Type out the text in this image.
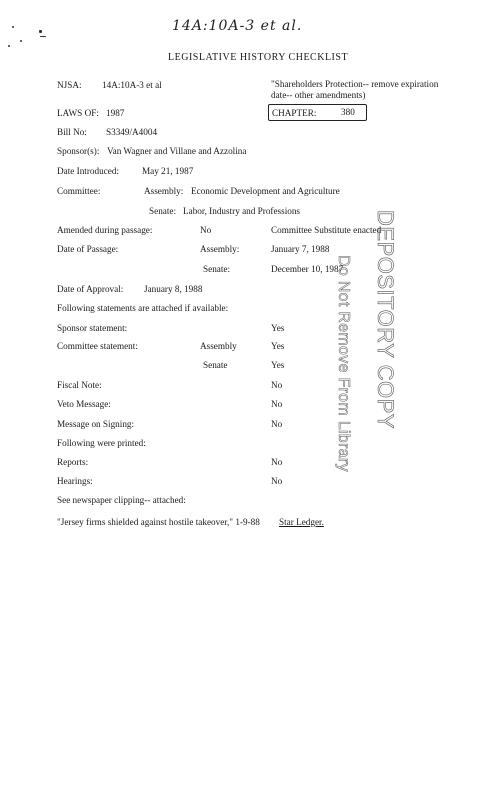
14A:10A-3 et al.
LEGISLATIVE HISTORY CHECKLIST
NJSA: 14A:10A-3 et al	"Shareholders Protection-- remove expiration date-- other amendments)
LAWS OF: 1987	CHAPTER:	380
Bill No: S3349/A4004
Sponsor(s): Van Wagner and Villane and Azzolina
Date Introduced:	May 21, 1987
Committee:	Assembly: Economic Development and Agriculture
Senate: Labor, Industry and Professions
Amended during passage:	No	Committee Substitute enacted
Date of Passage:	Assembly:	January 7, 1988
Senate:	December 10, 1987
Date of Approval: January 8, 1988
Following statements are attached if available:
Sponsor statement:	Yes
Committee statement:	Assembly	Yes
Senate	Yes
Fiscal Note:	No
Veto Message:	No
Message on Signing:	No
Following were printed:
Reports:	No
Hearings:	No
See newspaper clipping-- attached:
"Jersey firms shielded against hostile takeover," 1-9-88 Star Ledger.
DEPOSITORY COPY
Do Not Remove From Library
